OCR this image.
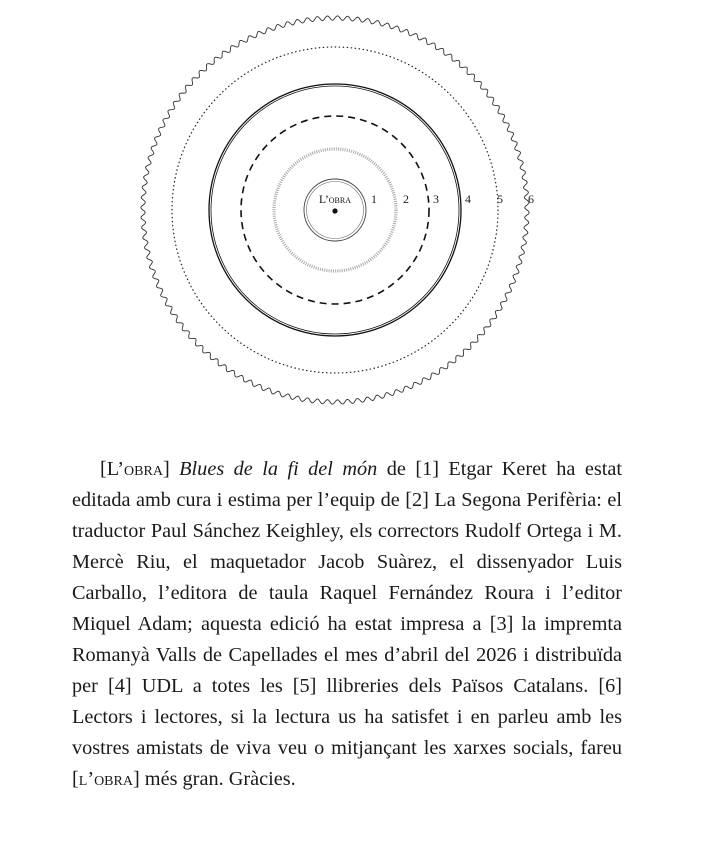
L’obra 1 2 3 4 5 6

[L’obra] Blues de la fi del món de [1] Etgar Keret ha estat editada amb cura i estima per l’equip de [2] La Segona Perifèria: el traductor Paul Sánchez Keighley, els correctors Rudolf Ortega i M. Mercè Riu, el maquetador Jacob Suàrez, el dissenyador Luis Carballo, l’editora de taula Raquel Fernández Roura i l’editor Miquel Adam; aquesta edició ha estat impresa a [3] la impremta Romanyà Valls de Capellades el mes d’abril del 2026 i distribuïda per [4] UDL a totes les [5] llibreries dels Països Catalans. [6] Lectors i lectores, si la lectura us ha satisfet i en parleu amb les vostres amistats de viva veu o mitjançant les xarxes socials, fareu [l’obra] més gran. Gràcies.
